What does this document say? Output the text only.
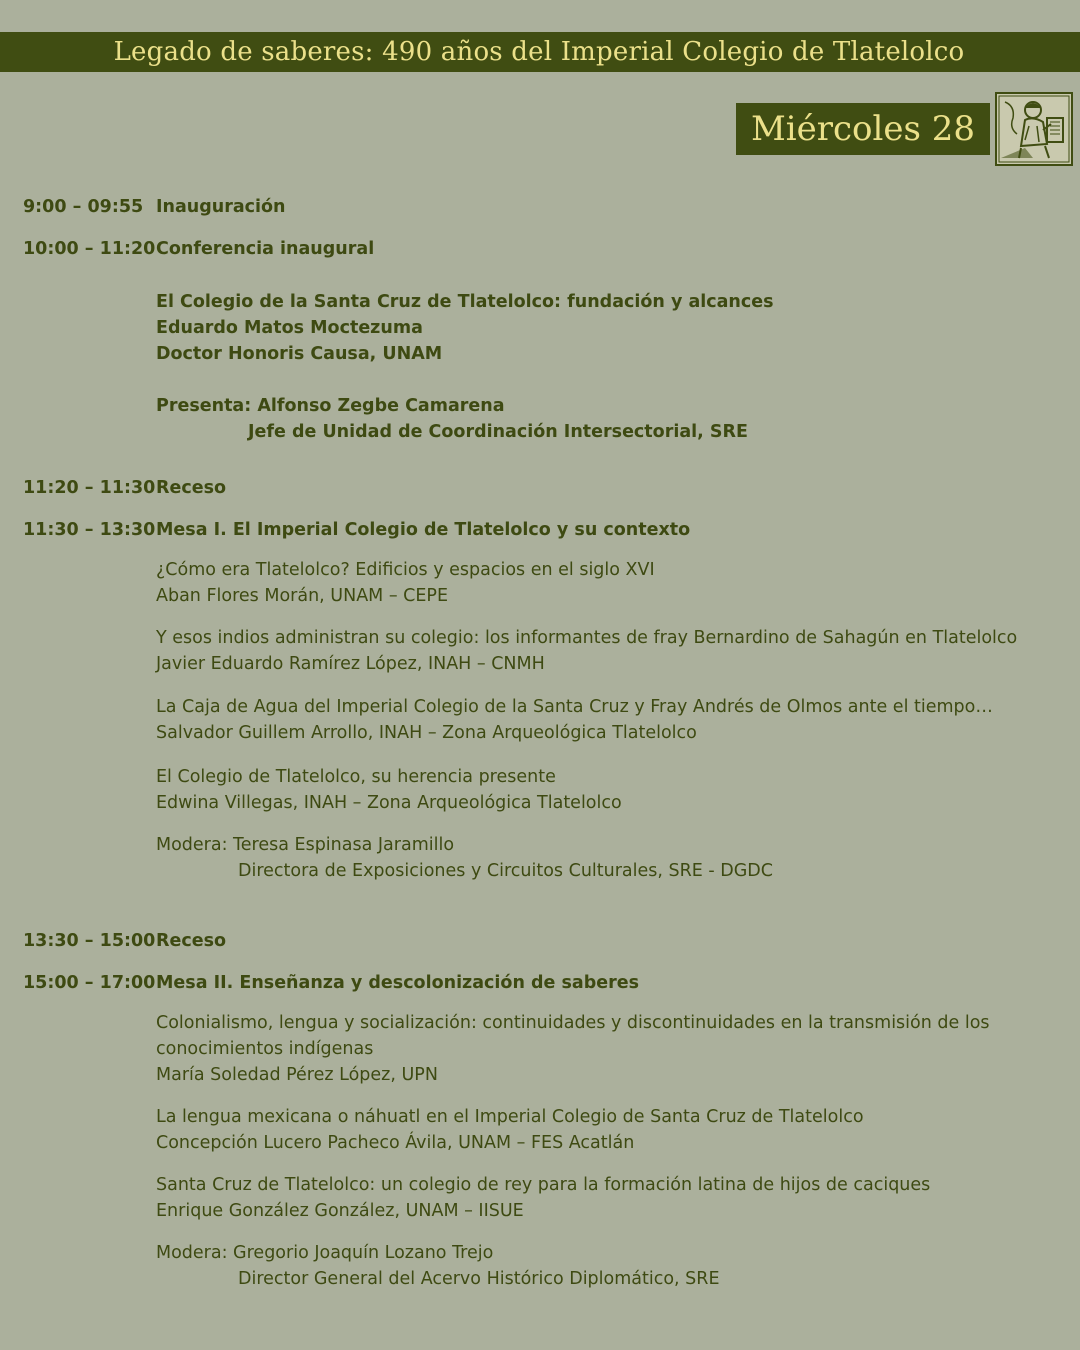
Legado de saberes: 490 años del Imperial Colegio de Tlatelolco
Miércoles 28
9:00 – 09:55 Inauguración
10:00 – 11:20 Conferencia inaugural
El Colegio de la Santa Cruz de Tlatelolco: fundación y alcances
Eduardo Matos Moctezuma
Doctor Honoris Causa, UNAM
Presenta: Alfonso Zegbe Camarena
Jefe de Unidad de Coordinación Intersectorial, SRE
11:20 – 11:30 Receso
11:30 – 13:30 Mesa I. El Imperial Colegio de Tlatelolco y su contexto
¿Cómo era Tlatelolco? Edificios y espacios en el siglo XVI
Aban Flores Morán, UNAM – CEPE
Y esos indios administran su colegio: los informantes de fray Bernardino de Sahagún en Tlatelolco
Javier Eduardo Ramírez López, INAH – CNMH
La Caja de Agua del Imperial Colegio de la Santa Cruz y Fray Andrés de Olmos ante el tiempo…
Salvador Guillem Arrollo, INAH – Zona Arqueológica Tlatelolco
El Colegio de Tlatelolco, su herencia presente
Edwina Villegas, INAH – Zona Arqueológica Tlatelolco
Modera: Teresa Espinasa Jaramillo
Directora de Exposiciones y Circuitos Culturales, SRE - DGDC
13:30 – 15:00 Receso
15:00 – 17:00 Mesa II. Enseñanza y descolonización de saberes
Colonialismo, lengua y socialización: continuidades y discontinuidades en la transmisión de los
conocimientos indígenas
María Soledad Pérez López, UPN
La lengua mexicana o náhuatl en el Imperial Colegio de Santa Cruz de Tlatelolco
Concepción Lucero Pacheco Ávila, UNAM – FES Acatlán
Santa Cruz de Tlatelolco: un colegio de rey para la formación latina de hijos de caciques
Enrique González González, UNAM – IISUE
Modera: Gregorio Joaquín Lozano Trejo
Director General del Acervo Histórico Diplomático, SRE
